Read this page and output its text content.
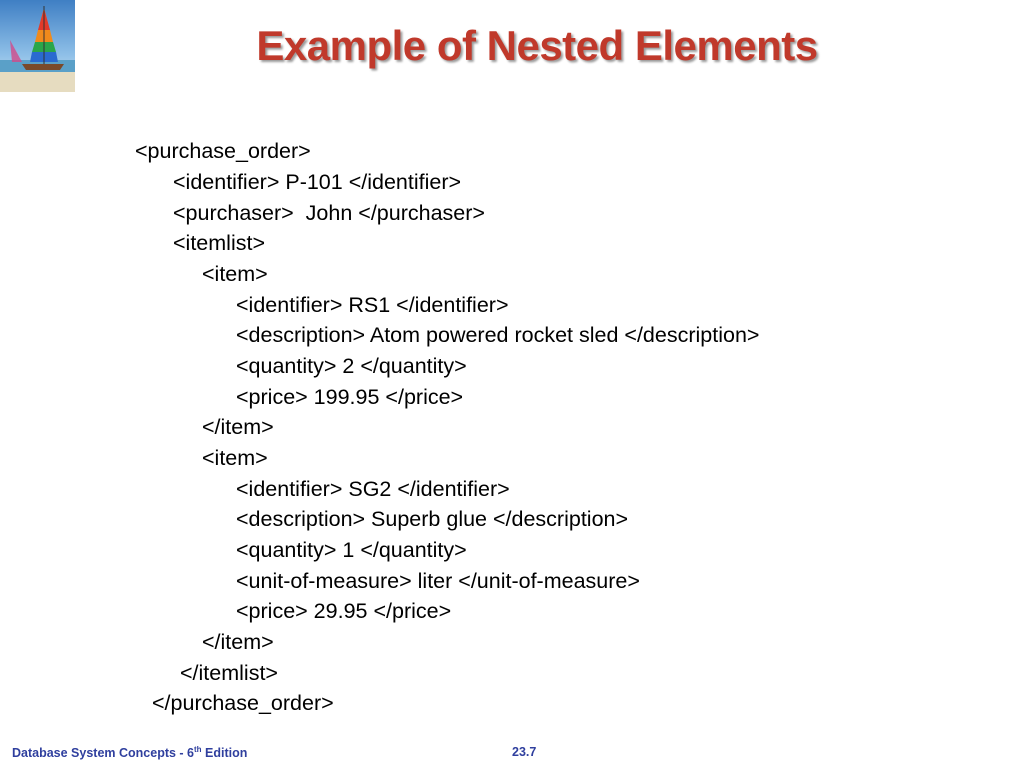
Example of Nested Elements
<purchase_order>
<identifier> P-101 </identifier>
<purchaser>  John </purchaser>
<itemlist>
<item>
<identifier> RS1 </identifier>
<description> Atom powered rocket sled </description>
<quantity> 2 </quantity>
<price> 199.95 </price>
</item>
<item>
<identifier> SG2 </identifier>
<description> Superb glue </description>
<quantity> 1 </quantity>
<unit-of-measure> liter </unit-of-measure>
<price> 29.95 </price>
</item>
</itemlist>
</purchase_order>
Database System Concepts - 6th Edition	23.7
